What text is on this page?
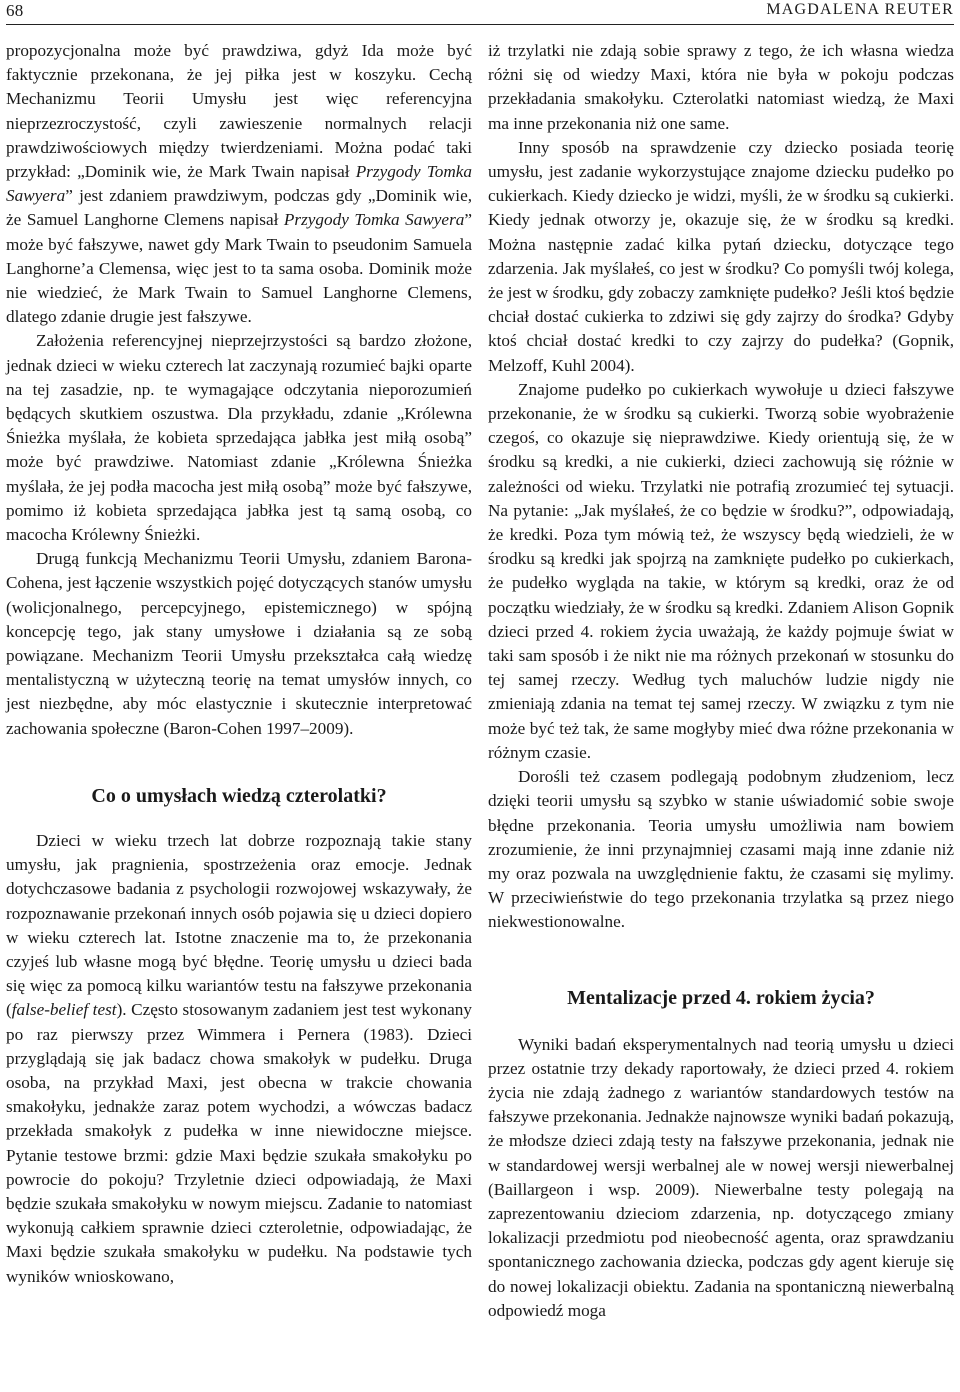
68	MAGDALENA REUTER

propozycjonalna może być prawdziwa, gdyż Ida może być faktycznie przekonana, że jej piłka jest w koszyku. Cechą Mechanizmu Teorii Umysłu jest więc referencyjna nieprzezroczystość, czyli zawieszenie normalnych relacji prawdziwościowych między twierdzeniami. Można podać taki przykład: „Dominik wie, że Mark Twain napisał Przygody Tomka Sawyera” jest zdaniem prawdziwym, podczas gdy „Dominik wie, że Samuel Langhorne Clemens napisał Przygody Tomka Sawyera” może być fałszywe, nawet gdy Mark Twain to pseudonim Samuela Langhorne’a Clemensa, więc jest to ta sama osoba. Dominik może nie wiedzieć, że Mark Twain to Samuel Langhorne Clemens, dlatego zdanie drugie jest fałszywe.

Założenia referencyjnej nieprzejrzystości są bardzo złożone, jednak dzieci w wieku czterech lat zaczynają rozumieć bajki oparte na tej zasadzie, np. te wymagające odczytania nieporozumień będących skutkiem oszustwa. Dla przykładu, zdanie „Królewna Śnieżka myślała, że kobieta sprzedająca jabłka jest miłą osobą” może być prawdziwe. Natomiast zdanie „Królewna Śnieżka myślała, że jej podła macocha jest miłą osobą” może być fałszywe, pomimo iż kobieta sprzedająca jabłka jest tą samą osobą, co macocha Królewny Śnieżki.

Drugą funkcją Mechanizmu Teorii Umysłu, zdaniem Barona-Cohena, jest łączenie wszystkich pojęć dotyczących stanów umysłu (wolicjonalnego, percepcyjnego, epistemicznego) w spójną koncepcję tego, jak stany umysłowe i działania są ze sobą powiązane. Mechanizm Teorii Umysłu przekształca całą wiedzę mentalistyczną w użyteczną teorię na temat umysłów innych, co jest niezbędne, aby móc elastycznie i skutecznie interpretować zachowania społeczne (Baron-Cohen 1997–2009).

Co o umysłach wiedzą czterolatki?

Dzieci w wieku trzech lat dobrze rozpoznają takie stany umysłu, jak pragnienia, spostrzeżenia oraz emocje. Jednak dotychczasowe badania z psychologii rozwojowej wskazywały, że rozpoznawanie przekonań innych osób pojawia się u dzieci dopiero w wieku czterech lat. Istotne znaczenie ma to, że przekonania czyjeś lub własne mogą być błędne. Teorię umysłu u dzieci bada się więc za pomocą kilku wariantów testu na fałszywe przekonania (false-belief test). Często stosowanym zadaniem jest test wykonany po raz pierwszy przez Wimmera i Pernera (1983). Dzieci przyglądają się jak badacz chowa smakołyk w pudełku. Druga osoba, na przykład Maxi, jest obecna w trakcie chowania smakołyku, jednakże zaraz potem wychodzi, a wówczas badacz przekłada smakołyk z pudełka w inne niewidoczne miejsce. Pytanie testowe brzmi: gdzie Maxi będzie szukała smakołyku po powrocie do pokoju? Trzyletnie dzieci odpowiadają, że Maxi będzie szukała smakołyku w nowym miejscu. Zadanie to natomiast wykonują całkiem sprawnie dzieci czteroletnie, odpowiadając, że Maxi będzie szukała smakołyku w pudełku. Na podstawie tych wyników wnioskowano,

iż trzylatki nie zdają sobie sprawy z tego, że ich własna wiedza różni się od wiedzy Maxi, która nie była w pokoju podczas przekładania smakołyku. Czterolatki natomiast wiedzą, że Maxi ma inne przekonania niż one same.

Inny sposób na sprawdzenie czy dziecko posiada teorię umysłu, jest zadanie wykorzystujące znajome dziecku pudełko po cukierkach. Kiedy dziecko je widzi, myśli, że w środku są cukierki. Kiedy jednak otworzy je, okazuje się, że w środku są kredki. Można następnie zadać kilka pytań dziecku, dotyczące tego zdarzenia. Jak myślałeś, co jest w środku? Co pomyśli twój kolega, że jest w środku, gdy zobaczy zamknięte pudełko? Jeśli ktoś będzie chciał dostać cukierka to zdziwi się gdy zajrzy do środka? Gdyby ktoś chciał dostać kredki to czy zajrzy do pudełka? (Gopnik, Melzoff, Kuhl 2004).

Znajome pudełko po cukierkach wywołuje u dzieci fałszywe przekonanie, że w środku są cukierki. Tworzą sobie wyobrażenie czegoś, co okazuje się nieprawdziwe. Kiedy orientują się, że w środku są kredki, a nie cukierki, dzieci zachowują się różnie w zależności od wieku. Trzylatki nie potrafią zrozumieć tej sytuacji. Na pytanie: „Jak myślałeś, że co będzie w środku?”, odpowiadają, że kredki. Poza tym mówią też, że wszyscy będą wiedzieli, że w środku są kredki jak spojrzą na zamknięte pudełko po cukierkach, że pudełko wygląda na takie, w którym są kredki, oraz że od początku wiedziały, że w środku są kredki. Zdaniem Alison Gopnik dzieci przed 4. rokiem życia uważają, że każdy pojmuje świat w taki sam sposób i że nikt nie ma różnych przekonań w stosunku do tej samej rzeczy. Według tych maluchów ludzie nigdy nie zmieniają zdania na temat tej samej rzeczy. W związku z tym nie może być też tak, że same mogłyby mieć dwa różne przekonania w różnym czasie.

Dorośli też czasem podlegają podobnym złudzeniom, lecz dzięki teorii umysłu są szybko w stanie uświadomić sobie swoje błędne przekonania. Teoria umysłu umożliwia nam bowiem zrozumienie, że inni przynajmniej czasami mają inne zdanie niż my oraz pozwala na uwzględnienie faktu, że czasami się mylimy. W przeciwieństwie do tego przekonania trzylatka są przez niego niekwestionowalne.

Mentalizacje przed 4. rokiem życia?

Wyniki badań eksperymentalnych nad teorią umysłu u dzieci przez ostatnie trzy dekady raportowały, że dzieci przed 4. rokiem życia nie zdają żadnego z wariantów standardowych testów na fałszywe przekonania. Jednakże najnowsze wyniki badań pokazują, że młodsze dzieci zdają testy na fałszywe przekonania, jednak nie w standardowej wersji werbalnej ale w nowej wersji niewerbalnej (Baillargeon i wsp. 2009). Niewerbalne testy polegają na zaprezentowaniu dzieciom zdarzenia, np. dotyczącego zmiany lokalizacji przedmiotu pod nieobecność agenta, oraz sprawdzaniu spontanicznego zachowania dziecka, podczas gdy agent kieruje się do nowej lokalizacji obiektu. Zadania na spontaniczną niewerbalną odpowiedź moga
